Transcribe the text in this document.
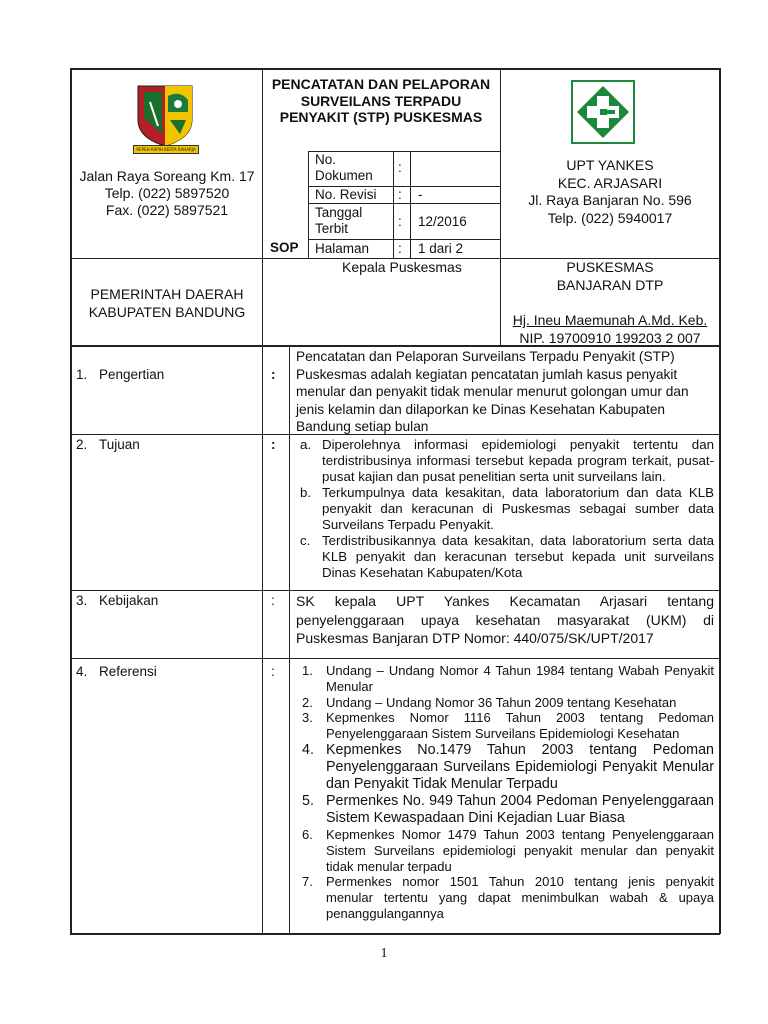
REPEH RAPIH KERTA RAHARJA
Jalan Raya Soreang Km. 17
Telp. (022) 5897520
Fax. (022) 5897521
PENCATATAN DAN PELAPORAN SURVEILANS TERPADU PENYAKIT (STP) PUSKESMAS
SOP
No. Dokumen
:
No. Revisi : -
Tanggal Terbit	: 12/2016
Halaman : 1 dari 2
UPT YANKES
KEC. ARJASARI
Jl. Raya Banjaran No. 596
Telp. (022) 5940017
PEMERINTAH DAERAH
KABUPATEN BANDUNG
Kepala Puskesmas	PUSKESMAS
BANJARAN DTP
Hj. Ineu Maemunah A.Md. Keb.
NIP. 19700910 199203 2 007
1. Pengertian	:
Pencatatan dan Pelaporan Surveilans Terpadu Penyakit (STP) Puskesmas adalah kegiatan pencatatan jumlah kasus penyakit menular dan penyakit tidak menular menurut golongan umur dan jenis kelamin dan dilaporkan ke Dinas Kesehatan Kabupaten Bandung setiap bulan
2. Tujuan	: a. Diperolehnya informasi epidemiologi penyakit tertentu dan terdistribusinya informasi tersebut kepada program terkait, pusat-pusat kajian dan pusat penelitian serta unit surveilans lain.
b. Terkumpulnya data kesakitan, data laboratorium dan data KLB penyakit dan keracunan di Puskesmas sebagai sumber data Surveilans Terpadu Penyakit.
c. Terdistribusikannya data kesakitan, data laboratorium serta data KLB penyakit dan keracunan tersebut kepada unit surveilans Dinas Kesehatan Kabupaten/Kota
3. Kebijakan	: SK kepala UPT Yankes Kecamatan Arjasari tentang penyelenggaraan upaya kesehatan masyarakat (UKM) di Puskesmas Banjaran DTP Nomor: 440/075/SK/UPT/2017
4. Referensi	: 1. Undang – Undang Nomor 4 Tahun 1984 tentang Wabah Penyakit Menular
2. Undang – Undang Nomor 36 Tahun 2009 tentang Kesehatan
3. Kepmenkes Nomor 1116 Tahun 2003 tentang Pedoman Penyelenggaraan Sistem Surveilans Epidemiologi Kesehatan
4. Kepmenkes No.1479 Tahun 2003 tentang Pedoman Penyelenggaraan Surveilans Epidemiologi Penyakit Menular dan Penyakit Tidak Menular Terpadu
5. Permenkes No. 949 Tahun 2004 Pedoman Penyelenggaraan Sistem Kewaspadaan Dini Kejadian Luar Biasa
6. Kepmenkes Nomor 1479 Tahun 2003 tentang Penyelenggaraan Sistem Surveilans epidemiologi penyakit menular dan penyakit tidak menular terpadu
7. Permenkes nomor 1501 Tahun 2010 tentang jenis penyakit menular tertentu yang dapat menimbulkan wabah & upaya penanggulangannya
1
